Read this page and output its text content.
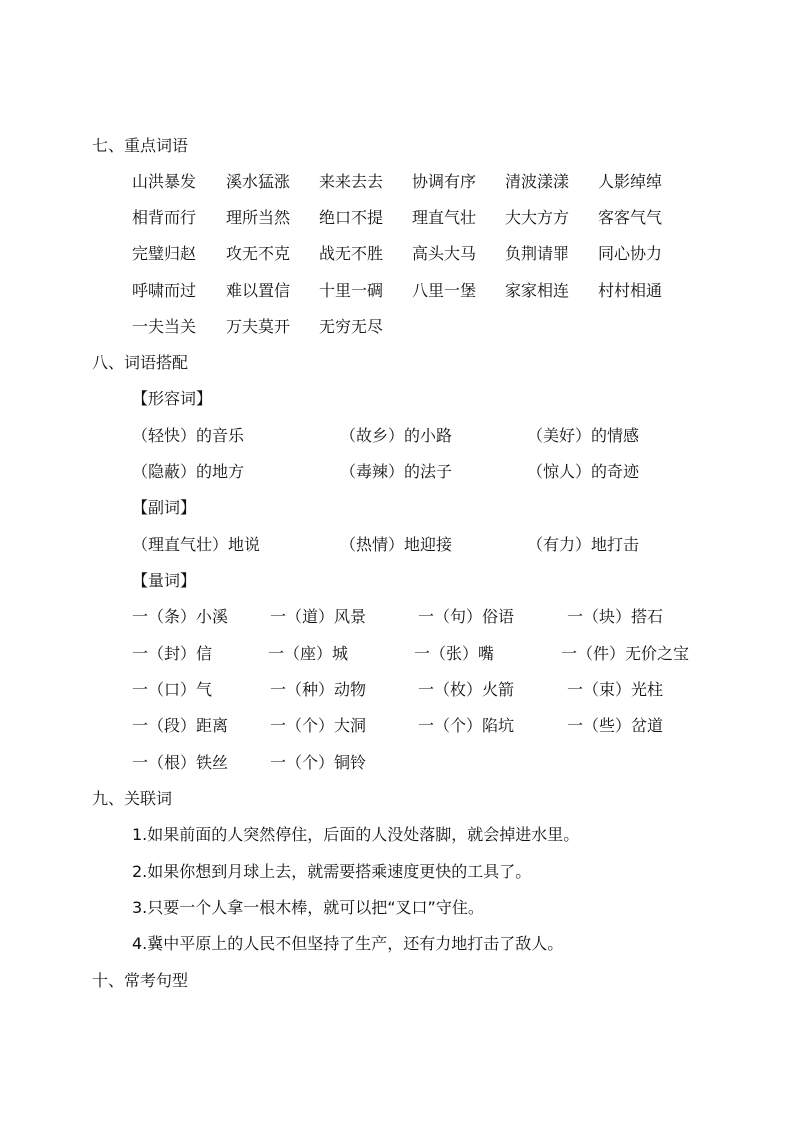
七、重点词语
山洪暴发 溪水猛涨 来来去去 协调有序 清波漾漾 人影绰绰
相背而行 理所当然 绝口不提 理直气壮 大大方方 客客气气
完璧归赵 攻无不克 战无不胜 高头大马 负荆请罪 同心协力
呼啸而过 难以置信 十里一碉 八里一堡 家家相连 村村相通
一夫当关 万夫莫开 无穷无尽
八、词语搭配
【形容词】
（轻快）的音乐	（故乡）的小路	（美好）的情感
（隐蔽）的地方	（毒辣）的法子	（惊人）的奇迹
【副词】
（理直气壮）地说	（热情）地迎接	（有力）地打击
【量词】
一（条）小溪	一（道）风景	一（句）俗语	一（块）搭石
一（封）信	一（座）城	一（张）嘴	一（件）无价之宝
一（口）气	一（种）动物	一（枚）火箭	一（束）光柱
一（段）距离	一（个）大洞	一（个）陷坑	一（些）岔道
一（根）铁丝	一（个）铜铃
九、关联词
1.如果前面的人突然停住，后面的人没处落脚，就会掉进水里。
2.如果你想到月球上去，就需要搭乘速度更快的工具了。
3.只要一个人拿一根木棒，就可以把“叉口”守住。
4.冀中平原上的人民不但坚持了生产，还有力地打击了敌人。
十、常考句型
